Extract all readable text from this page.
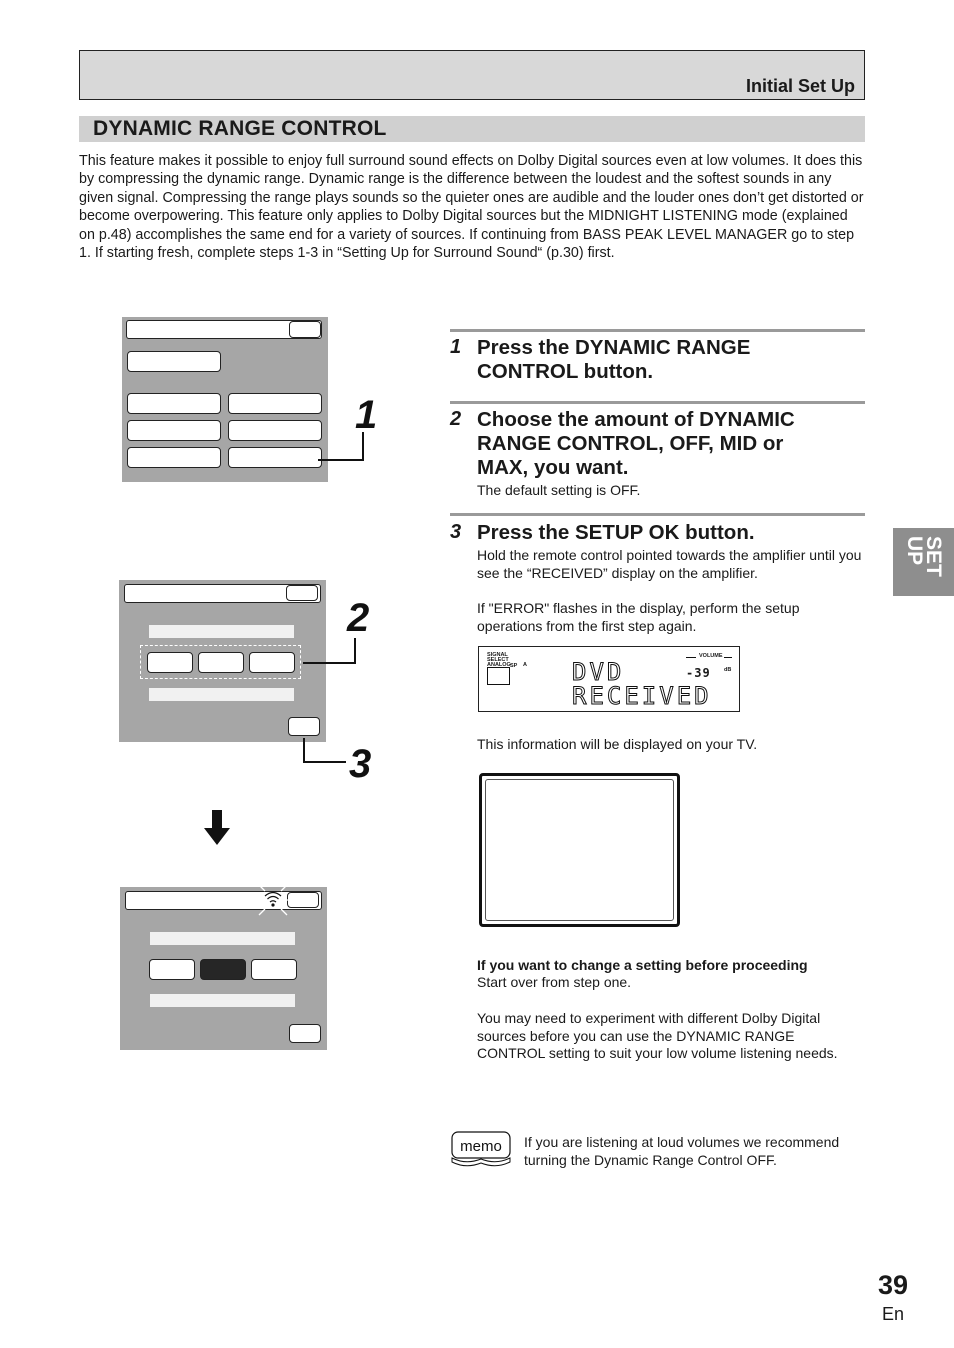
Initial Set Up
DYNAMIC RANGE CONTROL
This feature makes it possible to enjoy full surround sound effects on Dolby Digital sources even at low volumes. It does this by compressing the dynamic range. Dynamic range is the difference between the loudest and the softest sounds in any given signal. Compressing the range plays sounds so the quieter ones are audible and the louder ones don’t get distorted or become overpowering. This feature only applies to Dolby Digital sources but the MIDNIGHT LISTENING mode (explained on p.48) accomplishes the same end for a variety of sources. If continuing from BASS PEAK LEVEL MANAGER go to step 1. If starting fresh, complete steps 1-3 in “Setting Up for Surround Sound“ (p.30) first.
1
2
3
1 Press the DYNAMIC RANGE CONTROL button.
2 Choose the amount of DYNAMIC RANGE CONTROL, OFF, MID or MAX, you want.
The default setting is OFF.
3 Press the SETUP OK button.
Hold the remote control pointed towards the amplifier until you see the “RECEIVED” display on the amplifier.
If "ERROR" flashes in the display, perform the setup operations from the first step again.
SIGNAL
SELECT
ANALOG SP A
VOLUME
-39 dB
DVD
RECEIVED
This information will be displayed on your TV.
If you want to change a setting before proceeding
Start over from step one.
You may need to experiment with different Dolby Digital sources before you can use the DYNAMIC RANGE CONTROL setting to suit your low volume listening needs.
memo If you are listening at loud volumes we recommend turning the Dynamic Range Control OFF.
SET UP
39
En
